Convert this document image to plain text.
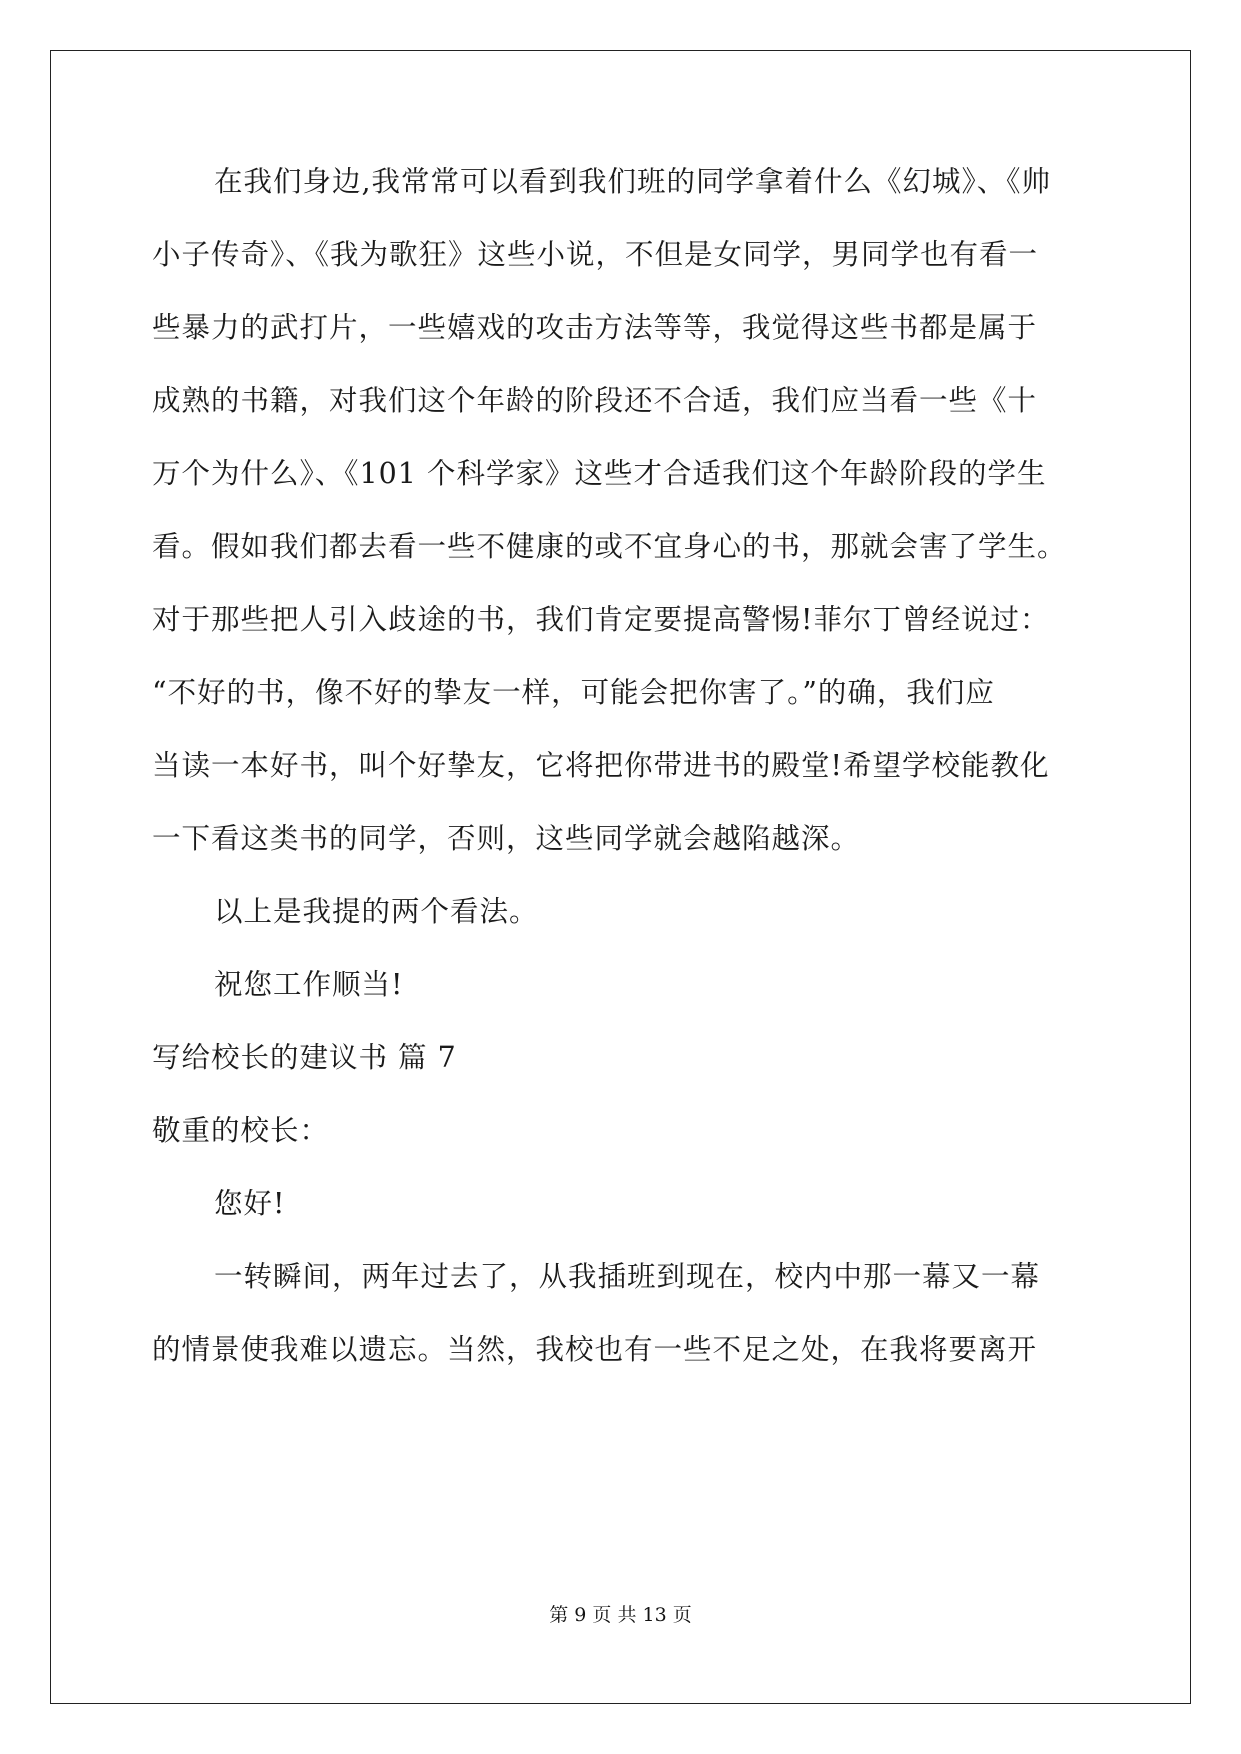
在我们身边,我常常可以看到我们班的同学拿着什么《幻城》、《帅
小子传奇》、《我为歌狂》这些小说，不但是女同学，男同学也有看一
些暴力的武打片，一些嬉戏的攻击方法等等，我觉得这些书都是属于
成熟的书籍，对我们这个年龄的阶段还不合适，我们应当看一些《十
万个为什么》、《101 个科学家》这些才合适我们这个年龄阶段的学生
看。假如我们都去看一些不健康的或不宜身心的书，那就会害了学生。
对于那些把人引入歧途的书，我们肯定要提高警惕!菲尔丁曾经说过：
“不好的书，像不好的挚友一样，可能会把你害了。”的确，我们应
当读一本好书，叫个好挚友，它将把你带进书的殿堂!希望学校能教化
一下看这类书的同学，否则，这些同学就会越陷越深。
以上是我提的两个看法。
祝您工作顺当!
写给校长的建议书 篇 7
敬重的校长：
您好!
一转瞬间，两年过去了，从我插班到现在，校内中那一幕又一幕
的情景使我难以遗忘。当然，我校也有一些不足之处，在我将要离开
第 9 页 共 13 页
